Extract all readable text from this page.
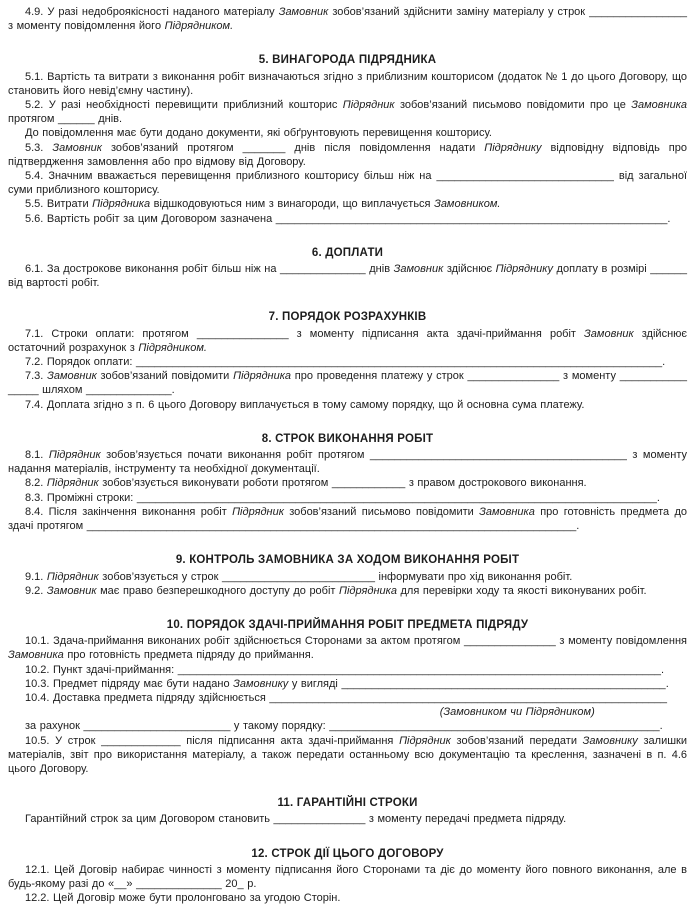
4.9. У разі недоброякісності наданого матеріалу Замовник зобов’язаний здійснити заміну матеріалу у строк ________________ з моменту повідомлення його Підрядником.

5. ВИНАГОРОДА ПІДРЯДНИКА

5.1. Вартість та витрати з виконання робіт визначаються згідно з приблизним кошторисом (додаток № 1 до цього Договору, що становить його невід’ємну частину).

5.2. У разі необхідності перевищити приблизний кошторис Підрядник зобов’язаний письмово повідомити про це Замовника протягом ______ днів.

До повідомлення має бути додано документи, які обґрунтовують перевищення кошторису.

5.3. Замовник зобов’язаний протягом _______ днів після повідомлення надати Підряднику відповідну відповідь про підтвердження замовлення або про відмову від Договору.

5.4. Значним вважається перевищення приблизного кошторису більш ніж на _____________________________ від загальної суми приблизного кошторису.

5.5. Витрати Підрядника відшкодовуються ним з винагороди, що виплачується Замовником.

5.6. Вартість робіт за цим Договором зазначена ________________________________________________________________.

6. ДОПЛАТИ

6.1. За дострокове виконання робіт більш ніж на ______________ днів Замовник здійснює Підряднику доплату в розмірі ______ від вартості робіт.

7. ПОРЯДОК РОЗРАХУНКІВ

7.1. Строки оплати: протягом _______________ з моменту підписання акта здачі-приймання робіт Замовник здійснює остаточний розрахунок з Підрядником.

7.2. Порядок оплати: ______________________________________________________________________________________.

7.3. Замовник зобов’язаний повідомити Підрядника про проведення платежу у строк _______________ з моменту ________________ шляхом ______________.

7.4. Доплата згідно з п. 6 цього Договору виплачується в тому самому порядку, що й основна сума платежу.

8. СТРОК ВИКОНАННЯ РОБІТ

8.1. Підрядник зобов’язується почати виконання робіт протягом __________________________________________ з моменту надання матеріалів, інструменту та необхідної документації.

8.2. Підрядник зобов’язується виконувати роботи протягом ____________ з правом дострокового виконання.

8.3. Проміжні строки: _____________________________________________________________________________________.

8.4. Після закінчення виконання робіт Підрядник зобов’язаний письмово повідомити Замовника про готовність предмета до здачі протягом ________________________________________________________________________________.

9. КОНТРОЛЬ ЗАМОВНИКА ЗА ХОДОМ ВИКОНАННЯ РОБІТ

9.1. Підрядник зобов’язується у строк _________________________ інформувати про хід виконання робіт.

9.2. Замовник має право безперешкодного доступу до робіт Підрядника для перевірки ходу та якості виконуваних робіт.

10. ПОРЯДОК ЗДАЧІ-ПРИЙМАННЯ РОБІТ ПРЕДМЕТА ПІДРЯДУ

10.1. Здача-приймання виконаних робіт здійснюється Сторонами за актом протягом _______________ з моменту повідомлення Замовника про готовність предмета підряду до приймання.

10.2. Пункт здачі-приймання: _______________________________________________________________________________.

10.3. Предмет підряду має бути надано Замовнику у вигляді _____________________________________________________.

10.4. Доставка предмета підряду здійснюється _________________________________________________________________

(Замовником чи Підрядником)

за рахунок ________________________ у такому порядку: ______________________________________________________.

10.5. У строк _____________ після підписання акта здачі-приймання Підрядник зобов’язаний передати Замовнику залишки матеріалів, звіт про використання матеріалу, а також передати останньому всю документацію та креслення, зазначені в п. 4.6 цього Договору.

11. ГАРАНТІЙНІ СТРОКИ

Гарантійний строк за цим Договором становить _______________ з моменту передачі предмета підряду.

12. СТРОК ДІЇ ЦЬОГО ДОГОВОРУ

12.1. Цей Договір набирає чинності з моменту підписання його Сторонами та діє до моменту його повного виконання, але в будь-якому разі до «__» ______________ 20_ р.

12.2. Цей Договір може бути пролонговано за угодою Сторін.
